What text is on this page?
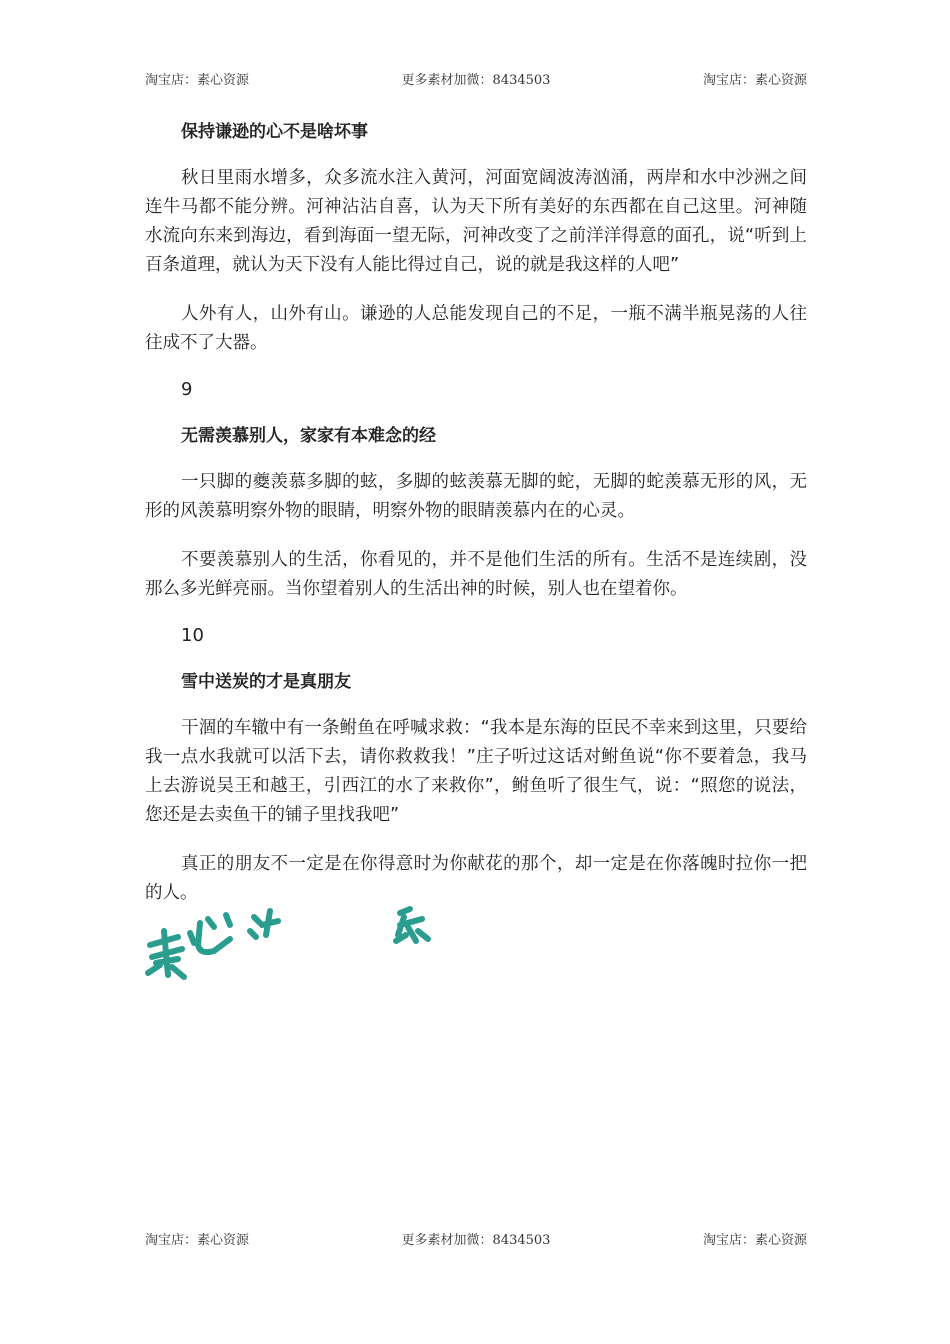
淘宝店：素心资源	更多素材加微：8434503	淘宝店：素心资源
保持谦逊的心不是啥坏事

秋日里雨水增多，众多流水注入黄河，河面宽阔波涛汹涌，两岸和水中沙洲之间连牛马都不能分辨。河神沾沾自喜，认为天下所有美好的东西都在自己这里。河神随水流向东来到海边，看到海面一望无际，河神改变了之前洋洋得意的面孔，说“听到上百条道理，就认为天下没有人能比得过自己，说的就是我这样的人吧”

人外有人，山外有山。谦逊的人总能发现自己的不足，一瓶不满半瓶晃荡的人往往成不了大器。

9
无需羡慕别人，家家有本难念的经

一只脚的夔羡慕多脚的蚿，多脚的蚿羡慕无脚的蛇，无脚的蛇羡慕无形的风，无形的风羡慕明察外物的眼睛，明察外物的眼睛羡慕内在的心灵。

不要羡慕别人的生活，你看见的，并不是他们生活的所有。生活不是连续剧，没那么多光鲜亮丽。当你望着别人的生活出神的时候，别人也在望着你。

10
雪中送炭的才是真朋友

干涸的车辙中有一条鲋鱼在呼喊求救：“我本是东海的臣民不幸来到这里，只要给我一点水我就可以活下去，请你救救我！”庄子听过这话对鲋鱼说“你不要着急，我马上去游说吴王和越王，引西江的水了来救你”，鲋鱼听了很生气，说：“照您的说法，您还是去卖鱼干的铺子里找我吧”

真正的朋友不一定是在你得意时为你献花的那个，却一定是在你落魄时拉你一把的人。

淘宝店：素心资源	更多素材加微：8434503	淘宝店：素心资源
